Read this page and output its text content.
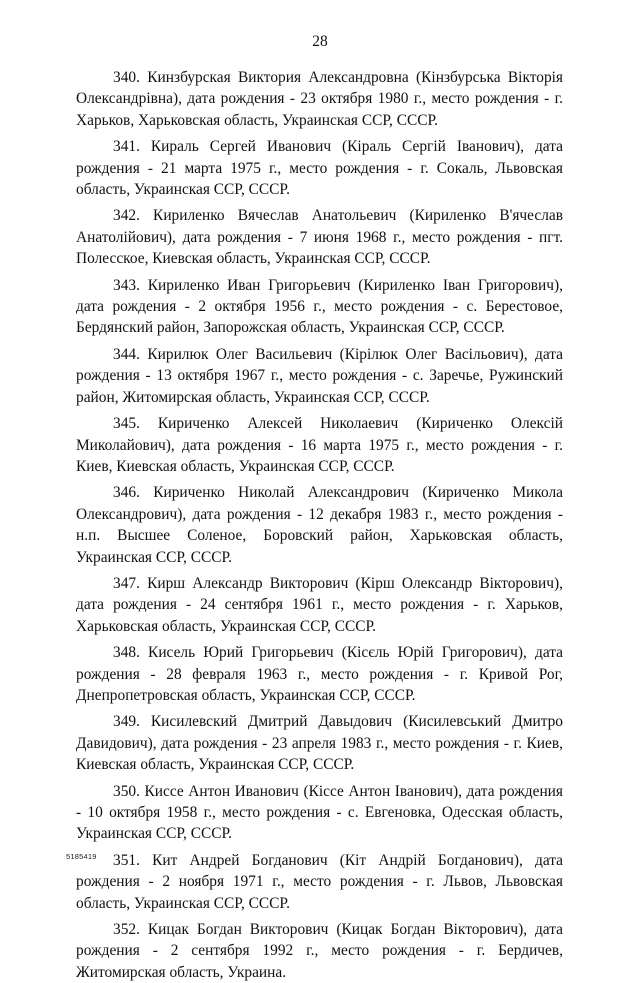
28

340. Кинзбурская Виктория Александровна (Кінзбурська Вікторія Олександрівна), дата рождения - 23 октября 1980 г., место рождения - г. Харьков, Харьковская область, Украинская ССР, СССР.

341. Кираль Сергей Иванович (Кіраль Сергій Іванович), дата рождения - 21 марта 1975 г., место рождения - г. Сокаль, Львовская область, Украинская ССР, СССР.

342. Кириленко Вячеслав Анатольевич (Кириленко В'ячеслав Анатолійович), дата рождения - 7 июня 1968 г., место рождения - пгт. Полесское, Киевская область, Украинская ССР, СССР.

343. Кириленко Иван Григорьевич (Кириленко Іван Григорович), дата рождения - 2 октября 1956 г., место рождения - с. Берестовое, Бердянский район, Запорожская область, Украинская ССР, СССР.

344. Кирилюк Олег Васильевич (Кірілюк Олег Васільович), дата рождения - 13 октября 1967 г., место рождения - с. Заречье, Ружинский район, Житомирская область, Украинская ССР, СССР.

345. Кириченко Алексей Николаевич (Кириченко Олексій Миколайович), дата рождения - 16 марта 1975 г., место рождения - г. Киев, Киевская область, Украинская ССР, СССР.

346. Кириченко Николай Александрович (Кириченко Микола Олександрович), дата рождения - 12 декабря 1983 г., место рождения - н.п. Высшее Соленое, Боровский район, Харьковская область, Украинская ССР, СССР.

347. Кирш Александр Викторович (Кірш Олександр Вікторович), дата рождения - 24 сентября 1961 г., место рождения - г. Харьков, Харьковская область, Украинская ССР, СССР.

348. Кисель Юрий Григорьевич (Кісєль Юрій Григорович), дата рождения - 28 февраля 1963 г., место рождения - г. Кривой Рог, Днепропетровская область, Украинская ССР, СССР.

349. Кисилевский Дмитрий Давыдович (Кисилевський Дмитро Давидович), дата рождения - 23 апреля 1983 г., место рождения - г. Киев, Киевская область, Украинская ССР, СССР.

350. Киссе Антон Иванович (Кіссе Антон Іванович), дата рождения - 10 октября 1958 г., место рождения - с. Евгеновка, Одесская область, Украинская ССР, СССР.

351. Кит Андрей Богданович (Кіт Андрій Богданович), дата рождения - 2 ноября 1971 г., место рождения - г. Львов, Львовская область, Украинская ССР, СССР.

352. Кицак Богдан Викторович (Кицак Богдан Вікторович), дата рождения - 2 сентября 1992 г., место рождения - г. Бердичев, Житомирская область, Украина.

5185419
